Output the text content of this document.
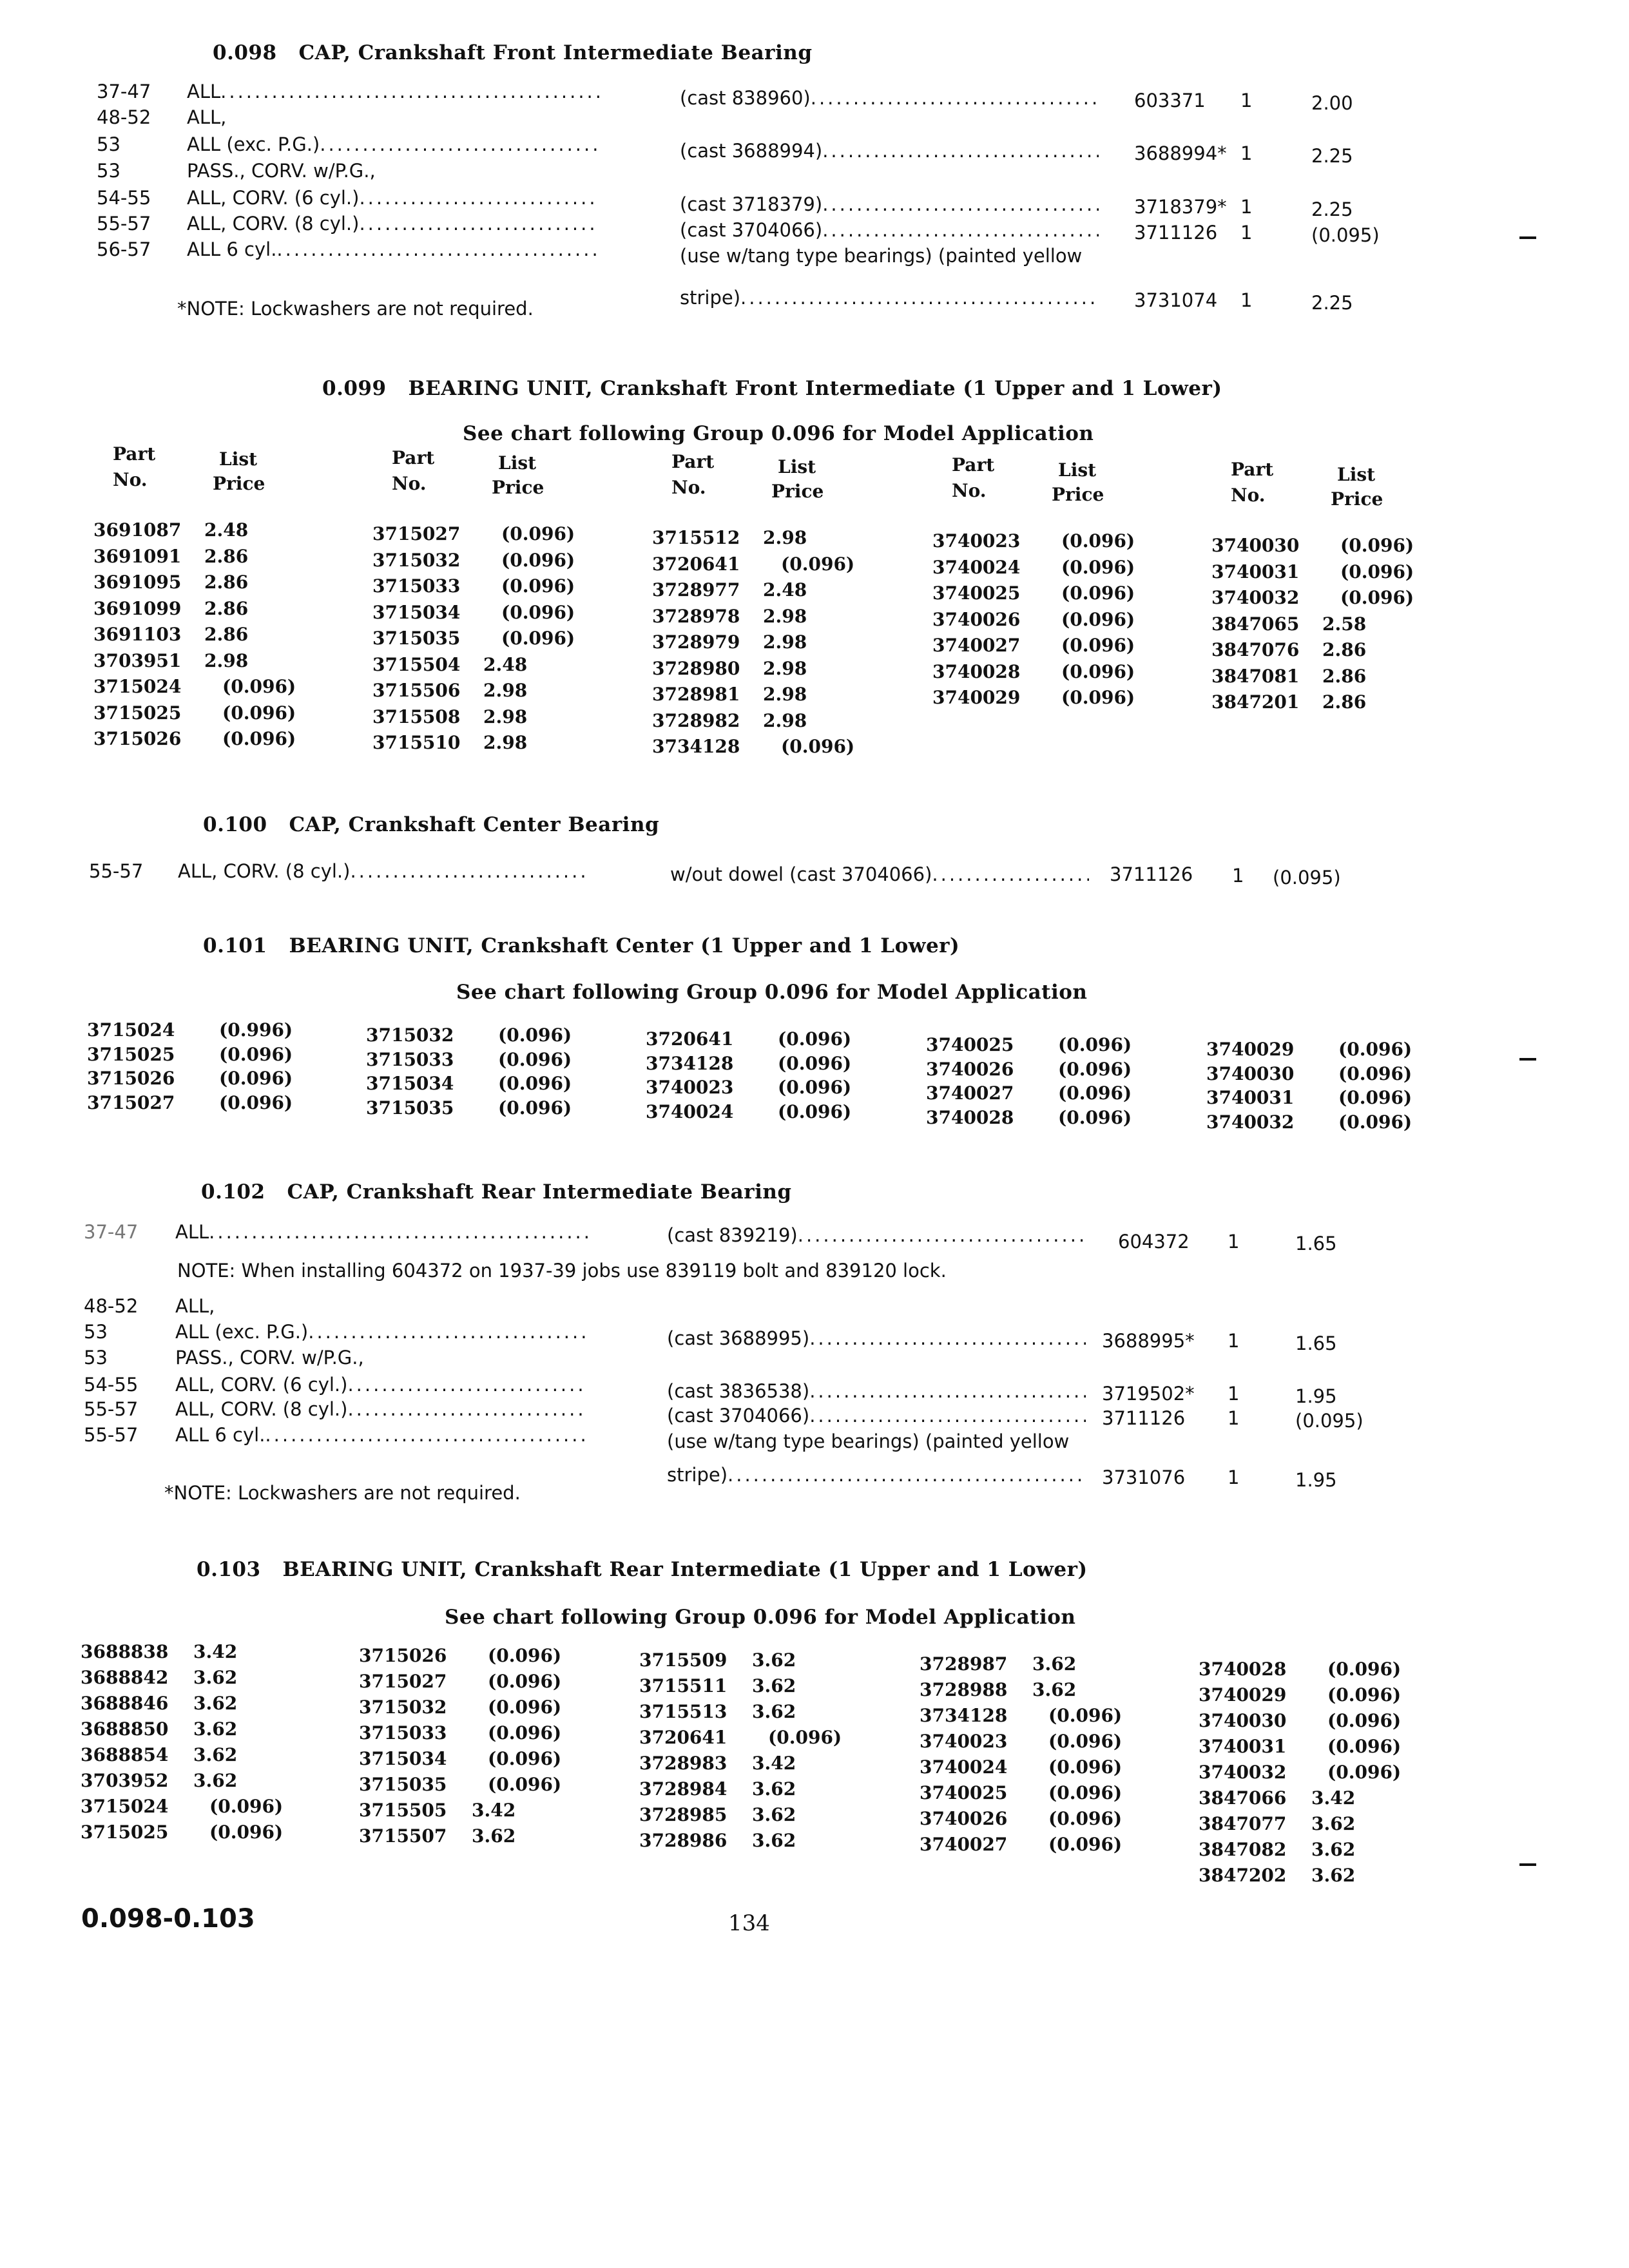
0.098 CAP, Crankshaft Front Intermediate Bearing
37-47 ALL .....	(cast 838960) .....	603371 1	2.00
48-52 ALL,
53	ALL (exc. P.G.) .....	(cast 3688994) .....	3688994* 1	2.25
53	PASS., CORV. w/P.G.,
54-55 ALL, CORV. (6 cyl.) .....	(cast 3718379) .....	3718379* 1	2.25
55-57 ALL, CORV. (8 cyl.) .....	(cast 3704066) .....	3711126 1	(0.095)
56-57 ALL 6 cyl. .....	(use w/tang type bearings) (painted yellow
stripe) .....	3731074 1	2.25
*NOTE: Lockwashers are not required.
0.099 BEARING UNIT, Crankshaft Front Intermediate (1 Upper and 1 Lower)
See chart following Group 0.096 for Model Application
Part
No.
List
Price
3691087 2.48
3691091 2.86
3691095 2.86
3691099 2.86
3691103 2.86
3703951 2.98
3715024 (0.096)
3715025 (0.096)
3715026 (0.096)
Part
No.
List
Price
3715027 (0.096)
3715032 (0.096)
3715033 (0.096)
3715034 (0.096)
3715035 (0.096)
3715504 2.48
3715506 2.98
3715508 2.98
3715510 2.98
Part
No.
List
Price
3715512 2.98
3720641 (0.096)
3728977 2.48
3728978 2.98
3728979 2.98
3728980 2.98
3728981 2.98
3728982 2.98
3734128 (0.096)
Part
No.
List
Price
3740023 (0.096)
3740024 (0.096)
3740025 (0.096)
3740026 (0.096)
3740027 (0.096)
3740028 (0.096)
3740029 (0.096)
Part
No.
List
Price
3740030 (0.096)
3740031 (0.096)
3740032 (0.096)
3847065 2.58
3847076 2.86
3847081 2.86
3847201 2.86
0.100 CAP, Crankshaft Center Bearing
55-57 ALL, CORV. (8 cyl.) .....	w/out dowel (cast 3704066) .....	3711126 1 (0.095)
0.101 BEARING UNIT, Crankshaft Center (1 Upper and 1 Lower)
See chart following Group 0.096 for Model Application
3715024 (0.996)
3715025 (0.096)
3715026 (0.096)
3715027 (0.096)
3715032 (0.096)
3715033 (0.096)
3715034 (0.096)
3715035 (0.096)
3720641 (0.096)
3734128 (0.096)
3740023 (0.096)
3740024 (0.096)
3740025 (0.096)
3740026 (0.096)
3740027 (0.096)
3740028 (0.096)
3740029 (0.096)
3740030 (0.096)
3740031 (0.096)
3740032 (0.096)
0.102 CAP, Crankshaft Rear Intermediate Bearing
37-47 ALL .....	(cast 839219) .....	604372 1	1.65
NOTE: When installing 604372 on 1937-39 jobs use 839119 bolt and 839120 lock.
48-52 ALL,
53	ALL (exc. P.G.) .....	(cast 3688995) .....	3688995* 1	1.65
53	PASS., CORV. w/P.G.,
54-55 ALL, CORV. (6 cyl.) .....	(cast 3836538) .....	3719502* 1	1.95
55-57 ALL, CORV. (8 cyl.) .....	(cast 3704066) .....	3711126 1	(0.095)
55-57 ALL 6 cyl. .....	(use w/tang type bearings) (painted yellow
stripe) .....	3731076 1	1.95
*NOTE: Lockwashers are not required.
0.103 BEARING UNIT, Crankshaft Rear Intermediate (1 Upper and 1 Lower)
See chart following Group 0.096 for Model Application
3688838 3.42
3688842 3.62
3688846 3.62
3688850 3.62
3688854 3.62
3703952 3.62
3715024 (0.096)
3715025 (0.096)
3715026 (0.096)
3715027 (0.096)
3715032 (0.096)
3715033 (0.096)
3715034 (0.096)
3715035 (0.096)
3715505 3.42
3715507 3.62
3715509 3.62
3715511 3.62
3715513 3.62
3720641 (0.096)
3728983 3.42
3728984 3.62
3728985 3.62
3728986 3.62
3728987 3.62
3728988 3.62
3734128 (0.096)
3740023 (0.096)
3740024 (0.096)
3740025 (0.096)
3740026 (0.096)
3740027 (0.096)
3740028 (0.096)
3740029 (0.096)
3740030 (0.096)
3740031 (0.096)
3740032 (0.096)
3847066 3.42
3847077 3.62
3847082 3.62
3847202 3.62
0.098-0.103	134
